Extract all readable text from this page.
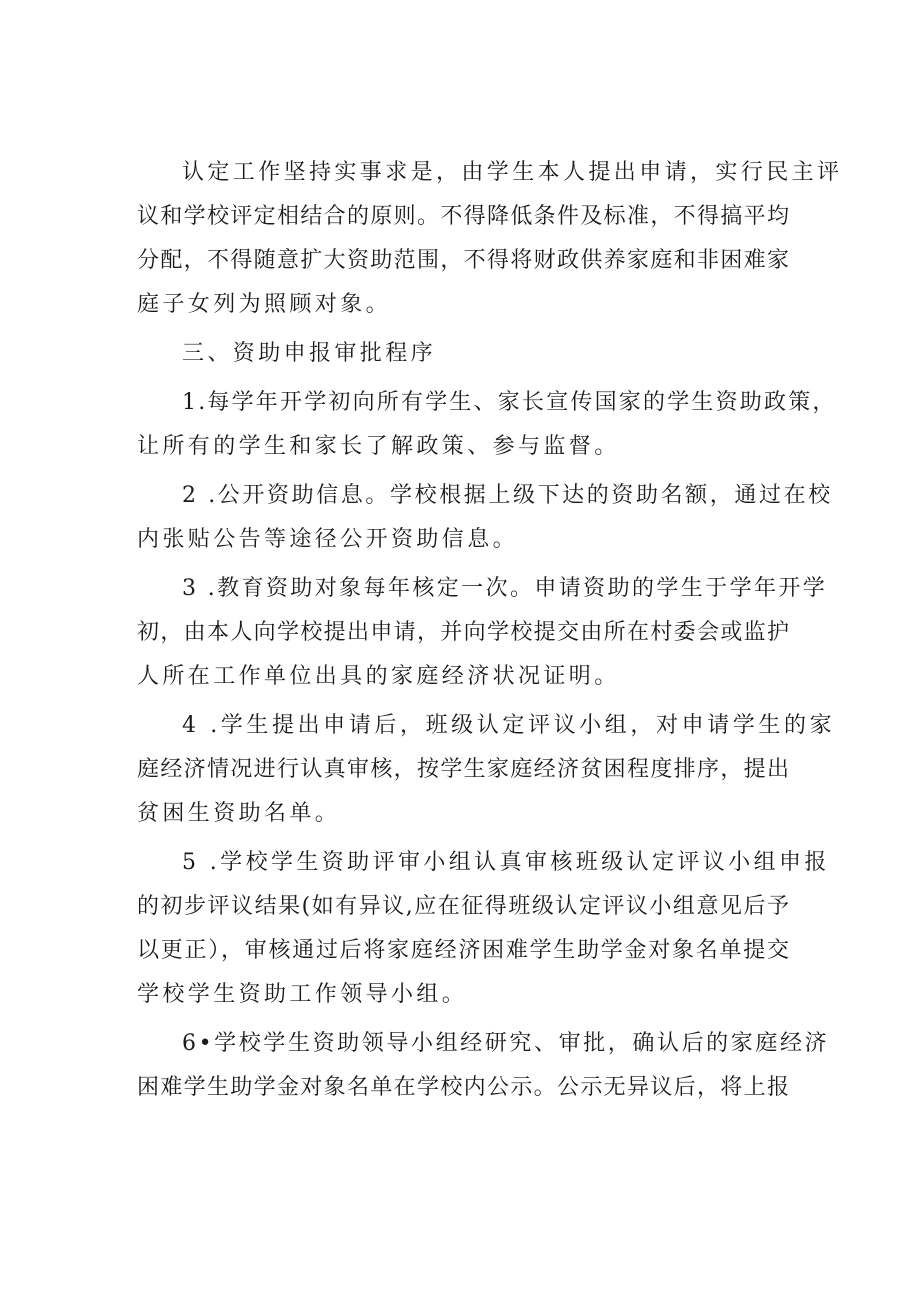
认定工作坚持实事求是，由学生本人提出申请，实行民主评
议和学校评定相结合的原则。不得降低条件及标准，不得搞平均
分配，不得随意扩大资助范围，不得将财政供养家庭和非困难家
庭子女列为照顾对象。
三、资助申报审批程序
1.每学年开学初向所有学生、家长宣传国家的学生资助政策，
让所有的学生和家长了解政策、参与监督。
2 .公开资助信息。学校根据上级下达的资助名额，通过在校
内张贴公告等途径公开资助信息。
3 .教育资助对象每年核定一次。申请资助的学生于学年开学
初，由本人向学校提出申请，并向学校提交由所在村委会或监护
人所在工作单位出具的家庭经济状况证明。
4 .学生提出申请后，班级认定评议小组，对申请学生的家
庭经济情况进行认真审核，按学生家庭经济贫困程度排序，提出
贫困生资助名单。
5 .学校学生资助评审小组认真审核班级认定评议小组申报
的初步评议结果(如有异议,应在征得班级认定评议小组意见后予
以更正），审核通过后将家庭经济困难学生助学金对象名单提交
学校学生资助工作领导小组。
6•学校学生资助领导小组经研究、审批，确认后的家庭经济
困难学生助学金对象名单在学校内公示。公示无异议后，将上报
